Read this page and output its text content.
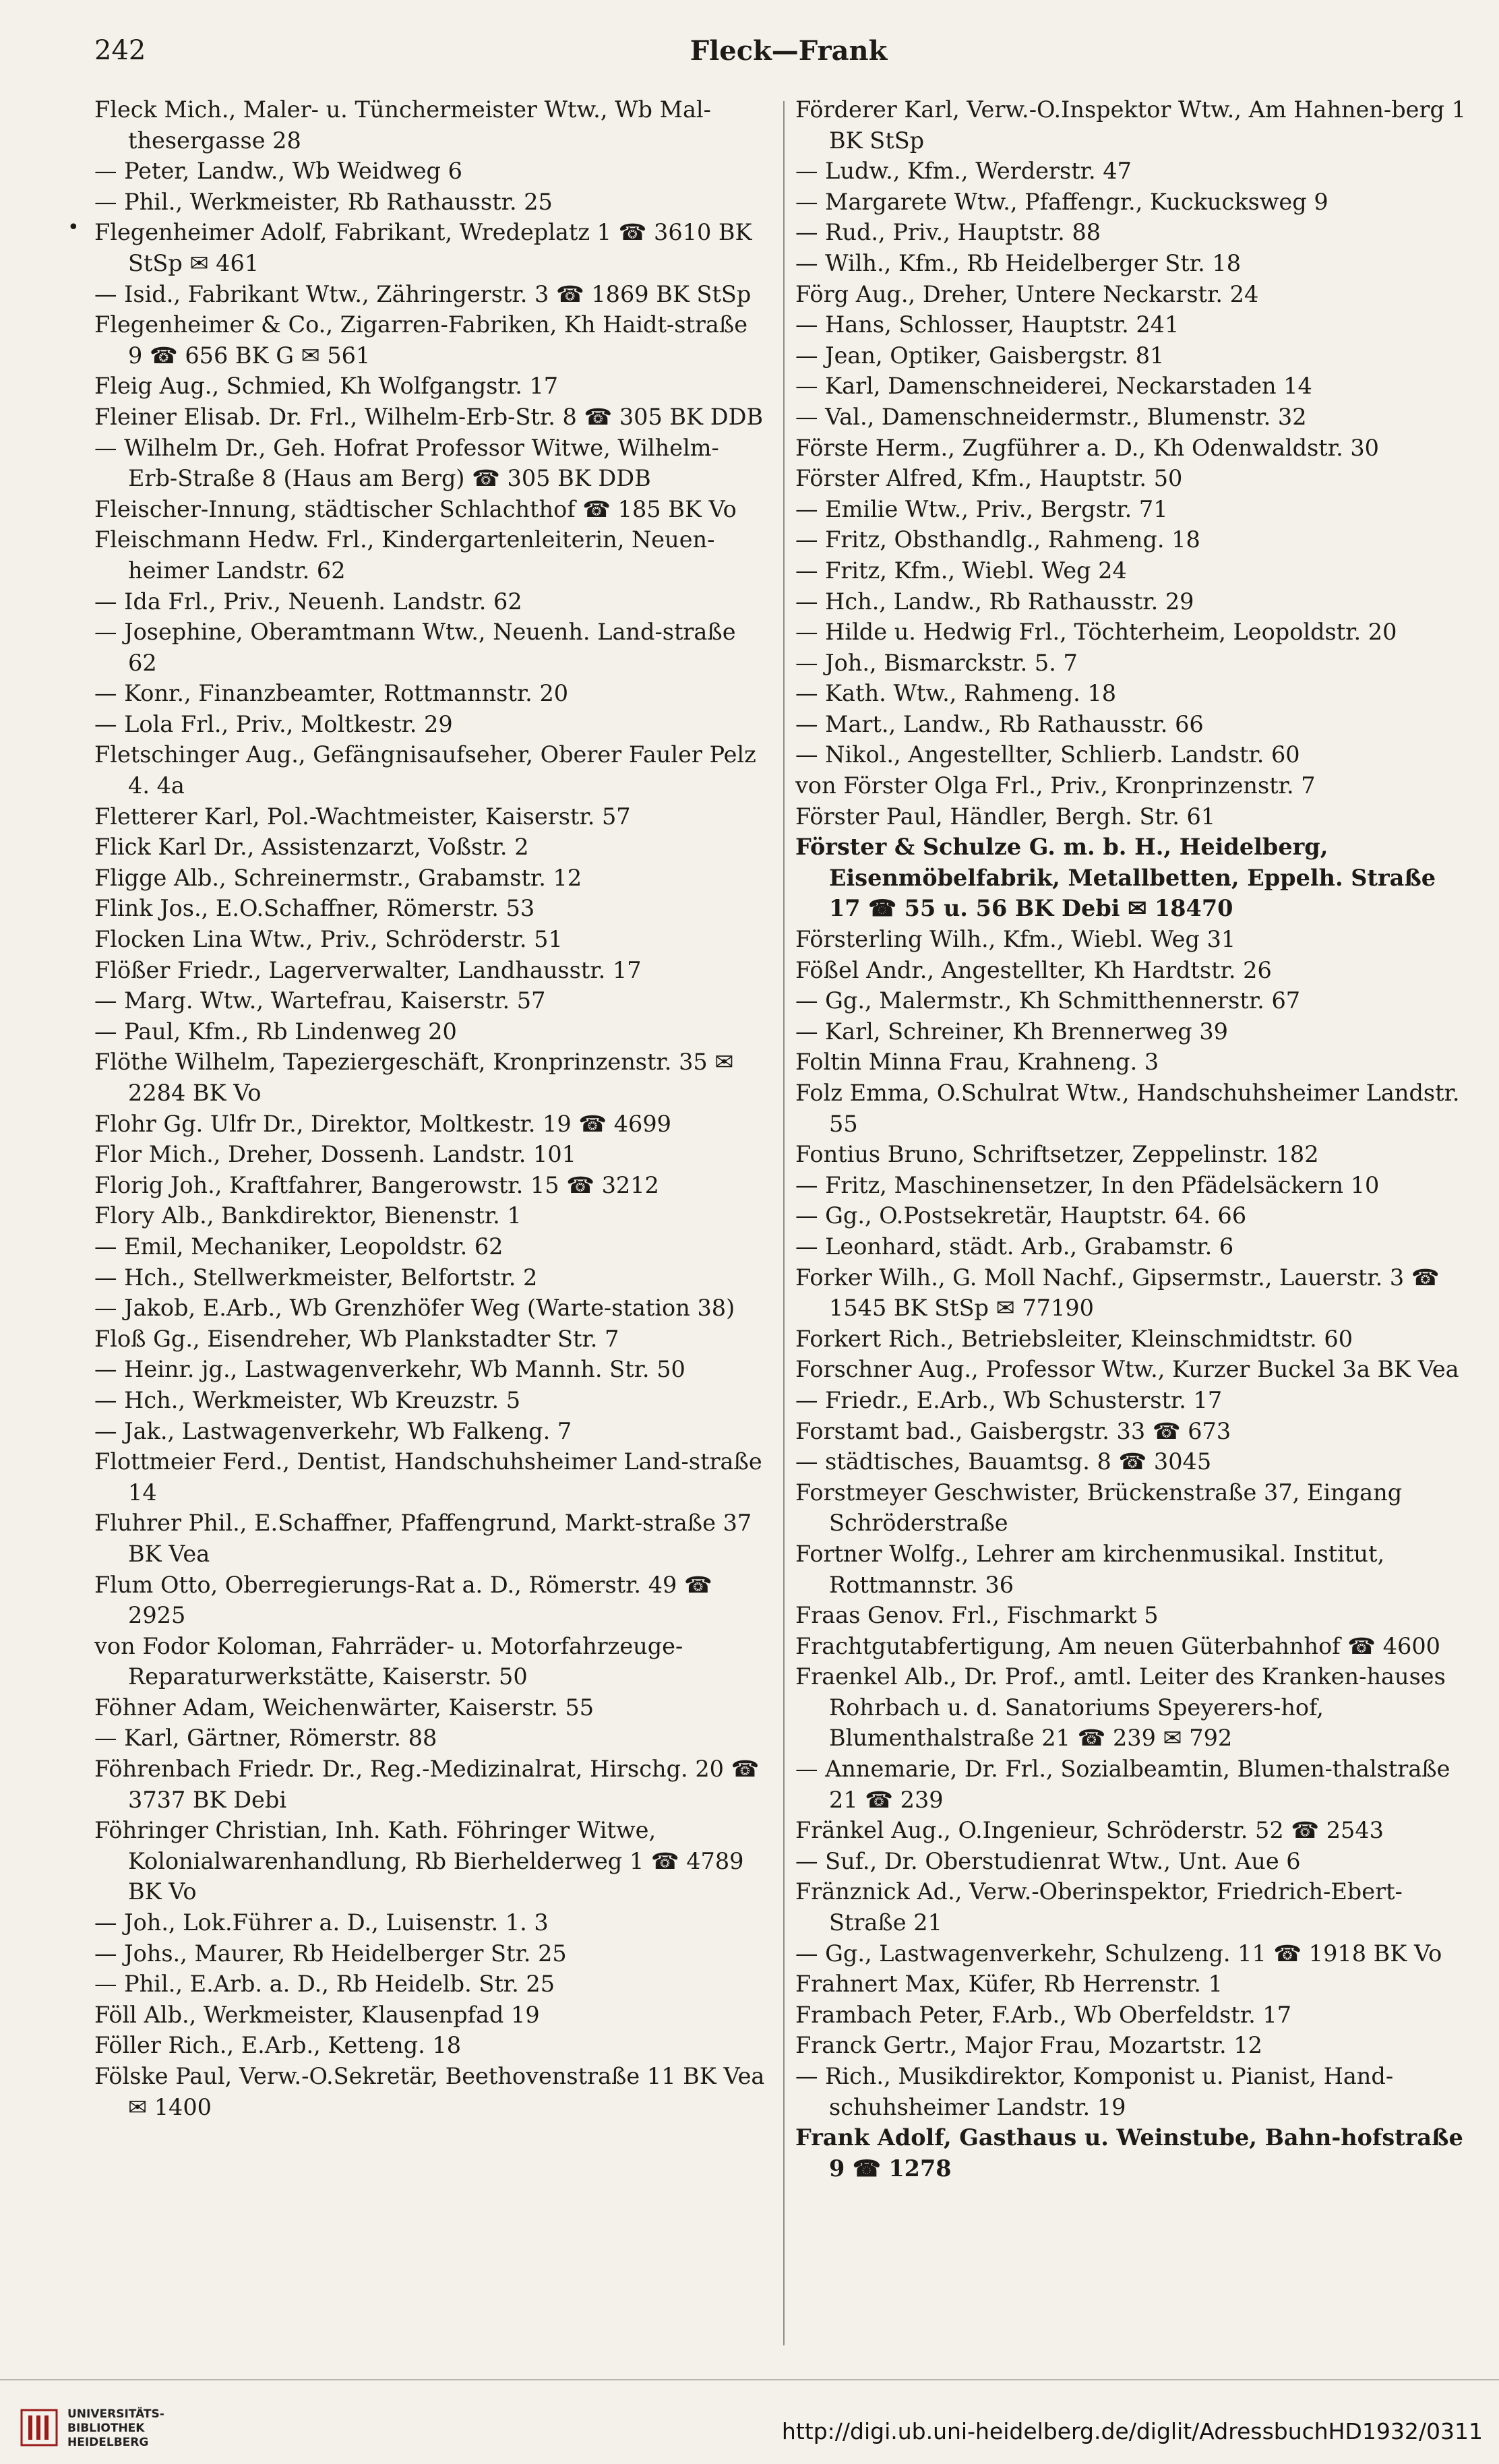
242	Fleck—Frank
•
Fleck Mich., Maler- u. Tünchermeister Wtw., Wb Mal-thesergasse 28
— Peter, Landw., Wb Weidweg 6
— Phil., Werkmeister, Rb Rathausstr. 25
Flegenheimer Adolf, Fabrikant, Wredeplatz 1 ☎ 3610 BK StSp ✉ 461
— Isid., Fabrikant Wtw., Zähringerstr. 3 ☎ 1869 BK StSp
Flegenheimer & Co., Zigarren-Fabriken, Kh Haidt-straße 9 ☎ 656 BK G ✉ 561
Fleig Aug., Schmied, Kh Wolfgangstr. 17
Fleiner Elisab. Dr. Frl., Wilhelm-Erb-Str. 8 ☎ 305 BK DDB
— Wilhelm Dr., Geh. Hofrat Professor Witwe, Wilhelm-Erb-Straße 8 (Haus am Berg) ☎ 305 BK DDB
Fleischer-Innung, städtischer Schlachthof ☎ 185 BK Vo
Fleischmann Hedw. Frl., Kindergartenleiterin, Neuen-heimer Landstr. 62
— Ida Frl., Priv., Neuenh. Landstr. 62
— Josephine, Oberamtmann Wtw., Neuenh. Land-straße 62
— Konr., Finanzbeamter, Rottmannstr. 20
— Lola Frl., Priv., Moltkestr. 29
Fletschinger Aug., Gefängnisaufseher, Oberer Fauler Pelz 4. 4a
Fletterer Karl, Pol.-Wachtmeister, Kaiserstr. 57
Flick Karl Dr., Assistenzarzt, Voßstr. 2
Fligge Alb., Schreinermstr., Grabamstr. 12
Flink Jos., E.O.Schaffner, Römerstr. 53
Flocken Lina Wtw., Priv., Schröderstr. 51
Flößer Friedr., Lagerverwalter, Landhausstr. 17
— Marg. Wtw., Wartefrau, Kaiserstr. 57
— Paul, Kfm., Rb Lindenweg 20
Flöthe Wilhelm, Tapeziergeschäft, Kronprinzenstr. 35 ✉ 2284 BK Vo
Flohr Gg. Ulfr Dr., Direktor, Moltkestr. 19 ☎ 4699
Flor Mich., Dreher, Dossenh. Landstr. 101
Florig Joh., Kraftfahrer, Bangerowstr. 15 ☎ 3212
Flory Alb., Bankdirektor, Bienenstr. 1
— Emil, Mechaniker, Leopoldstr. 62
— Hch., Stellwerkmeister, Belfortstr. 2
— Jakob, E.Arb., Wb Grenzhöfer Weg (Warte-station 38)
Floß Gg., Eisendreher, Wb Plankstadter Str. 7
— Heinr. jg., Lastwagenverkehr, Wb Mannh. Str. 50
— Hch., Werkmeister, Wb Kreuzstr. 5
— Jak., Lastwagenverkehr, Wb Falkeng. 7
Flottmeier Ferd., Dentist, Handschuhsheimer Land-straße 14
Fluhrer Phil., E.Schaffner, Pfaffengrund, Markt-straße 37 BK Vea
Flum Otto, Oberregierungs-Rat a. D., Römerstr. 49 ☎ 2925
von Fodor Koloman, Fahrräder- u. Motorfahrzeuge-Reparaturwerkstätte, Kaiserstr. 50
Föhner Adam, Weichenwärter, Kaiserstr. 55
— Karl, Gärtner, Römerstr. 88
Föhrenbach Friedr. Dr., Reg.-Medizinalrat, Hirschg. 20 ☎ 3737 BK Debi
Föhringer Christian, Inh. Kath. Föhringer Witwe, Kolonialwarenhandlung, Rb Bierhelderweg 1 ☎ 4789 BK Vo
— Joh., Lok.Führer a. D., Luisenstr. 1. 3
— Johs., Maurer, Rb Heidelberger Str. 25
— Phil., E.Arb. a. D., Rb Heidelb. Str. 25
Föll Alb., Werkmeister, Klausenpfad 19
Föller Rich., E.Arb., Ketteng. 18
Fölske Paul, Verw.-O.Sekretär, Beethovenstraße 11 BK Vea ✉ 1400
Förderer Karl, Verw.-O.Inspektor Wtw., Am Hahnen-berg 1 BK StSp
— Ludw., Kfm., Werderstr. 47
— Margarete Wtw., Pfaffengr., Kuckucksweg 9
— Rud., Priv., Hauptstr. 88
— Wilh., Kfm., Rb Heidelberger Str. 18
Förg Aug., Dreher, Untere Neckarstr. 24
— Hans, Schlosser, Hauptstr. 241
— Jean, Optiker, Gaisbergstr. 81
— Karl, Damenschneiderei, Neckarstaden 14
— Val., Damenschneidermstr., Blumenstr. 32
Förste Herm., Zugführer a. D., Kh Odenwaldstr. 30
Förster Alfred, Kfm., Hauptstr. 50
— Emilie Wtw., Priv., Bergstr. 71
— Fritz, Obsthandlg., Rahmeng. 18
— Fritz, Kfm., Wiebl. Weg 24
— Hch., Landw., Rb Rathausstr. 29
— Hilde u. Hedwig Frl., Töchterheim, Leopoldstr. 20
— Joh., Bismarckstr. 5. 7
— Kath. Wtw., Rahmeng. 18
— Mart., Landw., Rb Rathausstr. 66
— Nikol., Angestellter, Schlierb. Landstr. 60
von Förster Olga Frl., Priv., Kronprinzenstr. 7
Förster Paul, Händler, Bergh. Str. 61
Förster & Schulze G. m. b. H., Heidelberg, Eisenmöbelfabrik, Metallbetten, Eppelh. Straße 17 ☎ 55 u. 56 BK Debi ✉ 18470
Försterling Wilh., Kfm., Wiebl. Weg 31
Fößel Andr., Angestellter, Kh Hardtstr. 26
— Gg., Malermstr., Kh Schmitthennerstr. 67
— Karl, Schreiner, Kh Brennerweg 39
Foltin Minna Frau, Krahneng. 3
Folz Emma, O.Schulrat Wtw., Handschuhsheimer Landstr. 55
Fontius Bruno, Schriftsetzer, Zeppelinstr. 182
— Fritz, Maschinensetzer, In den Pfädelsäckern 10
— Gg., O.Postsekretär, Hauptstr. 64. 66
— Leonhard, städt. Arb., Grabamstr. 6
Forker Wilh., G. Moll Nachf., Gipsermstr., Lauerstr. 3 ☎ 1545 BK StSp ✉ 77190
Forkert Rich., Betriebsleiter, Kleinschmidtstr. 60
Forschner Aug., Professor Wtw., Kurzer Buckel 3a BK Vea
— Friedr., E.Arb., Wb Schusterstr. 17
Forstamt bad., Gaisbergstr. 33 ☎ 673
— städtisches, Bauamtsg. 8 ☎ 3045
Forstmeyer Geschwister, Brückenstraße 37, Eingang Schröderstraße
Fortner Wolfg., Lehrer am kirchenmusikal. Institut, Rottmannstr. 36
Fraas Genov. Frl., Fischmarkt 5
Frachtgutabfertigung, Am neuen Güterbahnhof ☎ 4600
Fraenkel Alb., Dr. Prof., amtl. Leiter des Kranken-hauses Rohrbach u. d. Sanatoriums Speyerers-hof, Blumenthalstraße 21 ☎ 239 ✉ 792
— Annemarie, Dr. Frl., Sozialbeamtin, Blumen-thalstraße 21 ☎ 239
Fränkel Aug., O.Ingenieur, Schröderstr. 52 ☎ 2543
— Suf., Dr. Oberstudienrat Wtw., Unt. Aue 6
Fränznick Ad., Verw.-Oberinspektor, Friedrich-Ebert-Straße 21
— Gg., Lastwagenverkehr, Schulzeng. 11 ☎ 1918 BK Vo
Frahnert Max, Küfer, Rb Herrenstr. 1
Frambach Peter, F.Arb., Wb Oberfeldstr. 17
Franck Gertr., Major Frau, Mozartstr. 12
— Rich., Musikdirektor, Komponist u. Pianist, Hand-schuhsheimer Landstr. 19
Frank Adolf, Gasthaus u. Weinstube, Bahn-hofstraße 9 ☎ 1278
UNIVERSITÄTS-
BIBLIOTHEK
HEIDELBERG	http://digi.ub.uni-heidelberg.de/diglit/AdressbuchHD1932/0311
